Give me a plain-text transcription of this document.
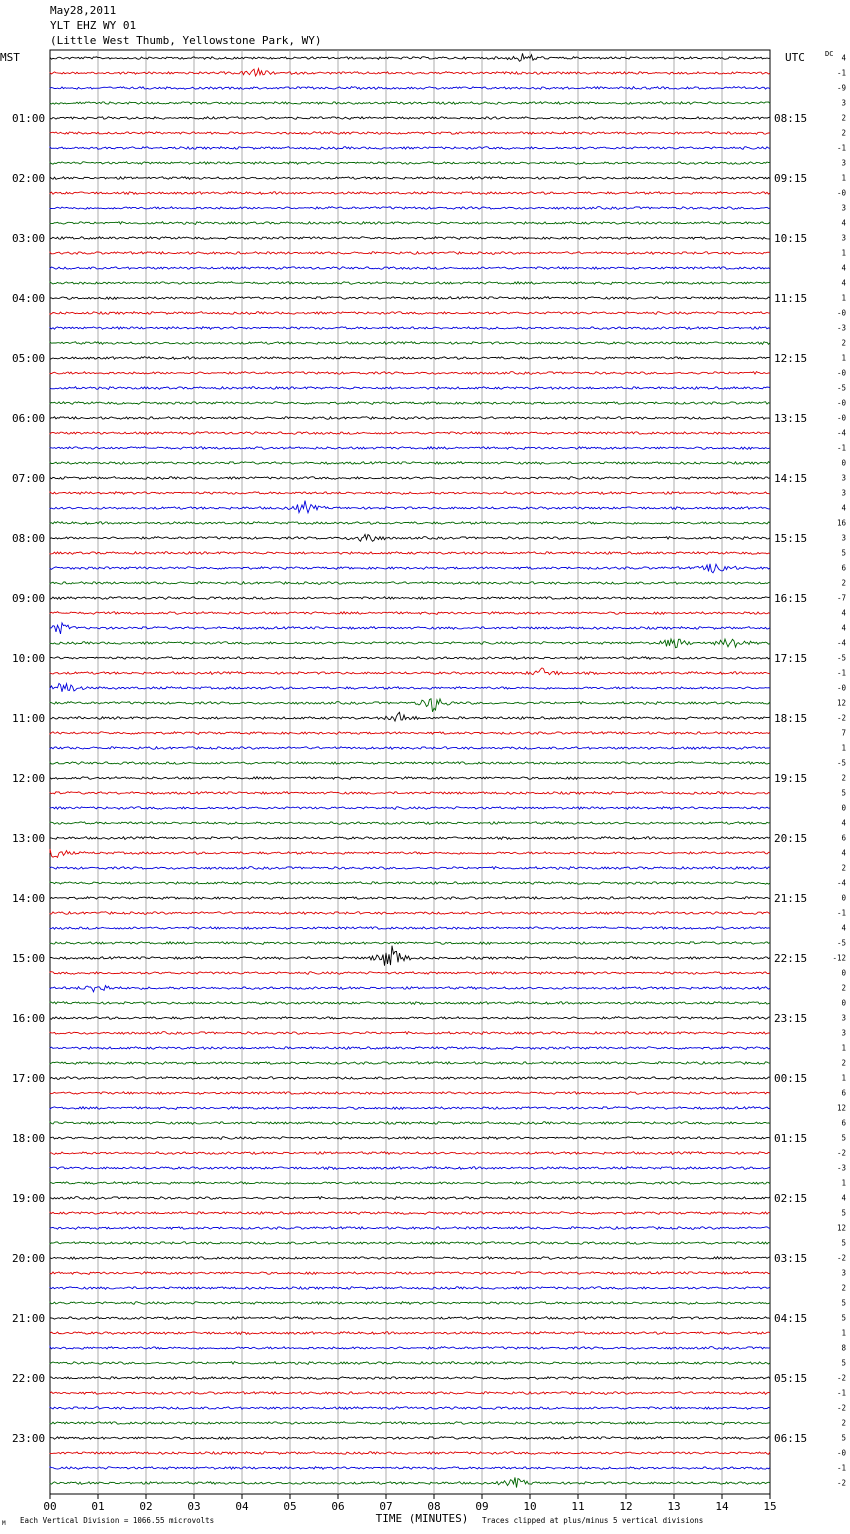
May28,2011
YLT EHZ WY 01
(Little West Thumb, Yellowstone Park, WY)
01:00	08:15
02:00	09:15
03:00	10:15
04:00	11:15
05:00	12:15
06:00	13:15
07:00	14:15
08:00	15:15
09:00	16:15
10:00	17:15
11:00	18:15
12:00	19:15
13:00	20:15
14:00	21:15
15:00	22:15
16:00	23:15
17:00	00:15
18:00	01:15
19:00	02:15
20:00	03:15
21:00	04:15
22:00	05:15
23:00	06:15
MST	UTC	DC 4
-1
-9
3
2
2
-1
3
1
-0
3
4
3
1
4
4
1
-0
-3
2
1
-0
-5
-0
-0
-4
-1
0
3
3
4
16
3
5
6
2
-7
4
4
-4
-5
-1
-0
12
-2
7
1
-5
2
5
0
4
6
4
2
-4
0
-1
4
-5
-12
0
2
0
3
3
1
2
1
6
12
6
5
-2
-3
1
4
5
12
5
-2
3
2
5
5
1
8
5
-2
-1
-2
2
5
-0
-1
-2
00	01	02	03	04	05	06	07	08	09	10	11	12	13	14	15
TIME (MINUTES)
M Each Vertical Division = 1066.55 microvolts	Traces clipped at plus/minus 5 vertical divisions
